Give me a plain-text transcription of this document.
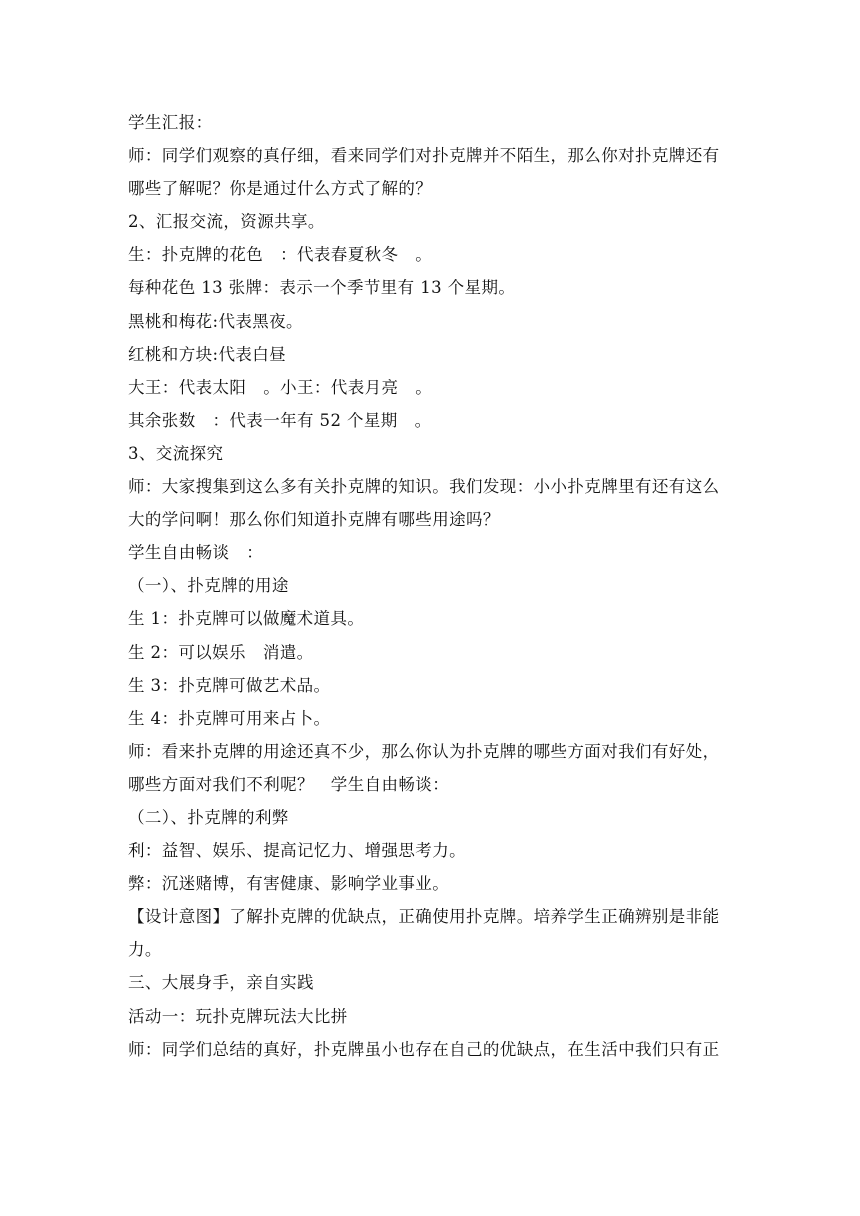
学生汇报：
师：同学们观察的真仔细，看来同学们对扑克牌并不陌生，那么你对扑克牌还有
哪些了解呢？你是通过什么方式了解的？
2、汇报交流，资源共享。
生：扑克牌的花色　：代表春夏秋冬　。
每种花色 13 张牌：表示一个季节里有 13 个星期。
黑桃和梅花:代表黑夜。
红桃和方块:代表白昼
大王：代表太阳　。小王：代表月亮　。
其余张数　：代表一年有 52 个星期　。
3、交流探究
师：大家搜集到这么多有关扑克牌的知识。我们发现：小小扑克牌里有还有这么
大的学问啊！那么你们知道扑克牌有哪些用途吗？
学生自由畅谈　：
（一）、扑克牌的用途
生 1：扑克牌可以做魔术道具。
生 2：可以娱乐　消遣。
生 3：扑克牌可做艺术品。
生 4：扑克牌可用来占卜。
师：看来扑克牌的用途还真不少，那么你认为扑克牌的哪些方面对我们有好处，
哪些方面对我们不利呢？　学生自由畅谈：
（二）、扑克牌的利弊
利：益智、娱乐、提高记忆力、增强思考力。
弊：沉迷赌博，有害健康、影响学业事业。
【设计意图】了解扑克牌的优缺点，正确使用扑克牌。培养学生正确辨别是非能
力。
三、大展身手，亲自实践
活动一：玩扑克牌玩法大比拼
师：同学们总结的真好，扑克牌虽小也存在自己的优缺点，在生活中我们只有正
